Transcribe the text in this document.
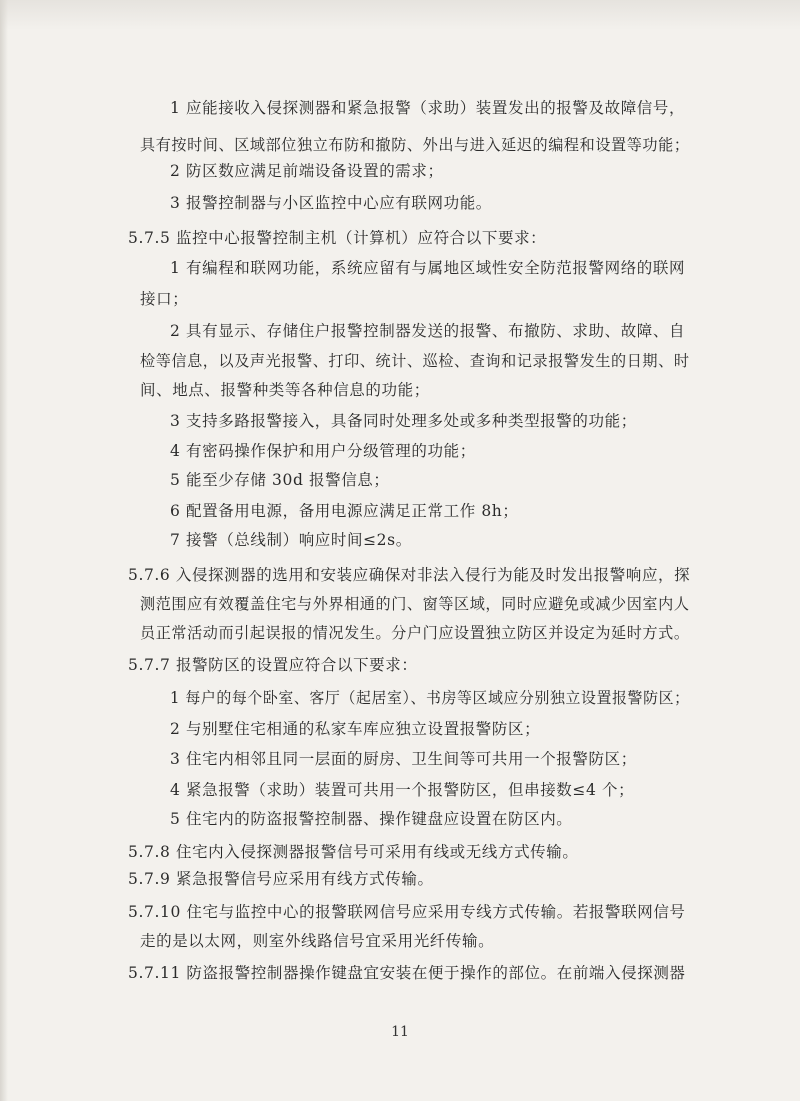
1 应能接收入侵探测器和紧急报警（求助）装置发出的报警及故障信号，
具有按时间、区域部位独立布防和撤防、外出与进入延迟的编程和设置等功能；
2 防区数应满足前端设备设置的需求；
3 报警控制器与小区监控中心应有联网功能。
5.7.5 监控中心报警控制主机（计算机）应符合以下要求：
1 有编程和联网功能，系统应留有与属地区域性安全防范报警网络的联网
接口；
2 具有显示、存储住户报警控制器发送的报警、布撤防、求助、故障、自
检等信息，以及声光报警、打印、统计、巡检、查询和记录报警发生的日期、时
间、地点、报警种类等各种信息的功能；
3 支持多路报警接入，具备同时处理多处或多种类型报警的功能；
4 有密码操作保护和用户分级管理的功能；
5 能至少存储 30d 报警信息；
6 配置备用电源，备用电源应满足正常工作 8h；
7 接警（总线制）响应时间≤2s。
5.7.6 入侵探测器的选用和安装应确保对非法入侵行为能及时发出报警响应，探
测范围应有效覆盖住宅与外界相通的门、窗等区域，同时应避免或减少因室内人
员正常活动而引起误报的情况发生。分户门应设置独立防区并设定为延时方式。
5.7.7 报警防区的设置应符合以下要求：
1 每户的每个卧室、客厅（起居室）、书房等区域应分别独立设置报警防区；
2 与别墅住宅相通的私家车库应独立设置报警防区；
3 住宅内相邻且同一层面的厨房、卫生间等可共用一个报警防区；
4 紧急报警（求助）装置可共用一个报警防区，但串接数≤4 个；
5 住宅内的防盗报警控制器、操作键盘应设置在防区内。
5.7.8 住宅内入侵探测器报警信号可采用有线或无线方式传输。
5.7.9 紧急报警信号应采用有线方式传输。
5.7.10 住宅与监控中心的报警联网信号应采用专线方式传输。若报警联网信号
走的是以太网，则室外线路信号宜采用光纤传输。
5.7.11 防盗报警控制器操作键盘宜安装在便于操作的部位。在前端入侵探测器
11
